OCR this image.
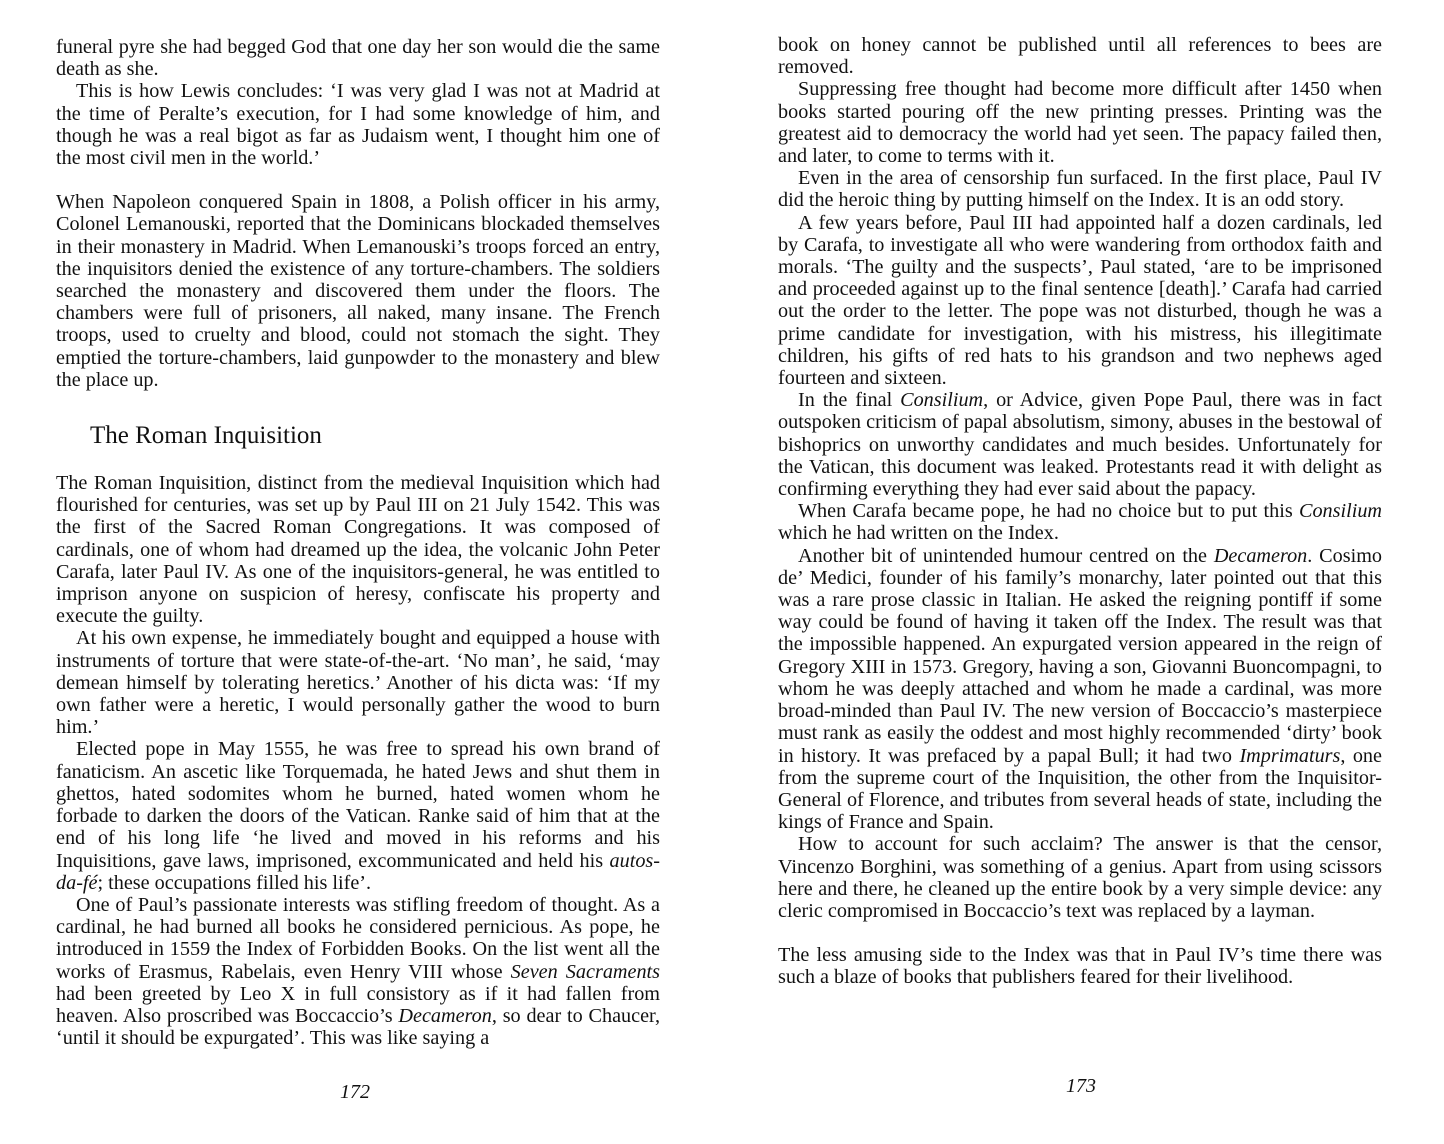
funeral pyre she had begged God that one day her son would die the same death as she.

This is how Lewis concludes: ‘I was very glad I was not at Madrid at the time of Peralte’s execution, for I had some knowledge of him, and though he was a real bigot as far as Judaism went, I thought him one of the most civil men in the world.’

When Napoleon conquered Spain in 1808, a Polish officer in his army, Colonel Lemanouski, reported that the Dominicans blockaded themselves in their monastery in Madrid. When Lemanouski’s troops forced an entry, the inquisitors denied the existence of any torture-chambers. The soldiers searched the monastery and discovered them under the floors. The chambers were full of prisoners, all naked, many insane. The French troops, used to cruelty and blood, could not stomach the sight. They emptied the torture-chambers, laid gunpowder to the monastery and blew the place up.

The Roman Inquisition

The Roman Inquisition, distinct from the medieval Inquisition which had flourished for centuries, was set up by Paul III on 21 July 1542. This was the first of the Sacred Roman Congregations. It was composed of cardinals, one of whom had dreamed up the idea, the volcanic John Peter Carafa, later Paul IV. As one of the inquisitors-general, he was entitled to imprison anyone on suspicion of heresy, confiscate his property and execute the guilty.

At his own expense, he immediately bought and equipped a house with instruments of torture that were state-of-the-art. ‘No man’, he said, ‘may demean himself by tolerating heretics.’ Another of his dicta was: ‘If my own father were a heretic, I would personally gather the wood to burn him.’

Elected pope in May 1555, he was free to spread his own brand of fanaticism. An ascetic like Torquemada, he hated Jews and shut them in ghettos, hated sodomites whom he burned, hated women whom he forbade to darken the doors of the Vatican. Ranke said of him that at the end of his long life ‘he lived and moved in his reforms and his Inquisitions, gave laws, imprisoned, excommunicated and held his autos-da-fé; these occupations filled his life’.

One of Paul’s passionate interests was stifling freedom of thought. As a cardinal, he had burned all books he considered pernicious. As pope, he introduced in 1559 the Index of Forbidden Books. On the list went all the works of Erasmus, Rabelais, even Henry VIII whose Seven Sacraments had been greeted by Leo X in full consistory as if it had fallen from heaven. Also proscribed was Boccaccio’s Decameron, so dear to Chaucer, ‘until it should be expurgated’. This was like saying a

172

book on honey cannot be published until all references to bees are removed.

Suppressing free thought had become more difficult after 1450 when books started pouring off the new printing presses. Printing was the greatest aid to democracy the world had yet seen. The papacy failed then, and later, to come to terms with it.

Even in the area of censorship fun surfaced. In the first place, Paul IV did the heroic thing by putting himself on the Index. It is an odd story.

A few years before, Paul III had appointed half a dozen cardinals, led by Carafa, to investigate all who were wandering from orthodox faith and morals. ‘The guilty and the suspects’, Paul stated, ‘are to be imprisoned and proceeded against up to the final sentence [death].’ Carafa had carried out the order to the letter. The pope was not disturbed, though he was a prime candidate for investigation, with his mistress, his illegitimate children, his gifts of red hats to his grandson and two nephews aged fourteen and sixteen.

In the final Consilium, or Advice, given Pope Paul, there was in fact outspoken criticism of papal absolutism, simony, abuses in the bestowal of bishoprics on unworthy candidates and much besides. Unfortunately for the Vatican, this document was leaked. Protestants read it with delight as confirming everything they had ever said about the papacy.

When Carafa became pope, he had no choice but to put this Consilium which he had written on the Index.

Another bit of unintended humour centred on the Decameron. Cosimo de’ Medici, founder of his family’s monarchy, later pointed out that this was a rare prose classic in Italian. He asked the reigning pontiff if some way could be found of having it taken off the Index. The result was that the impossible happened. An expurgated version appeared in the reign of Gregory XIII in 1573. Gregory, having a son, Giovanni Buoncompagni, to whom he was deeply attached and whom he made a cardinal, was more broad-minded than Paul IV. The new version of Boccaccio’s masterpiece must rank as easily the oddest and most highly recommended ‘dirty’ book in history. It was prefaced by a papal Bull; it had two Imprimaturs, one from the supreme court of the Inquisition, the other from the Inquisitor-General of Florence, and tributes from several heads of state, including the kings of France and Spain.

How to account for such acclaim? The answer is that the censor, Vincenzo Borghini, was something of a genius. Apart from using scissors here and there, he cleaned up the entire book by a very simple device: any cleric compromised in Boccaccio’s text was replaced by a layman.

The less amusing side to the Index was that in Paul IV’s time there was such a blaze of books that publishers feared for their livelihood.

173
